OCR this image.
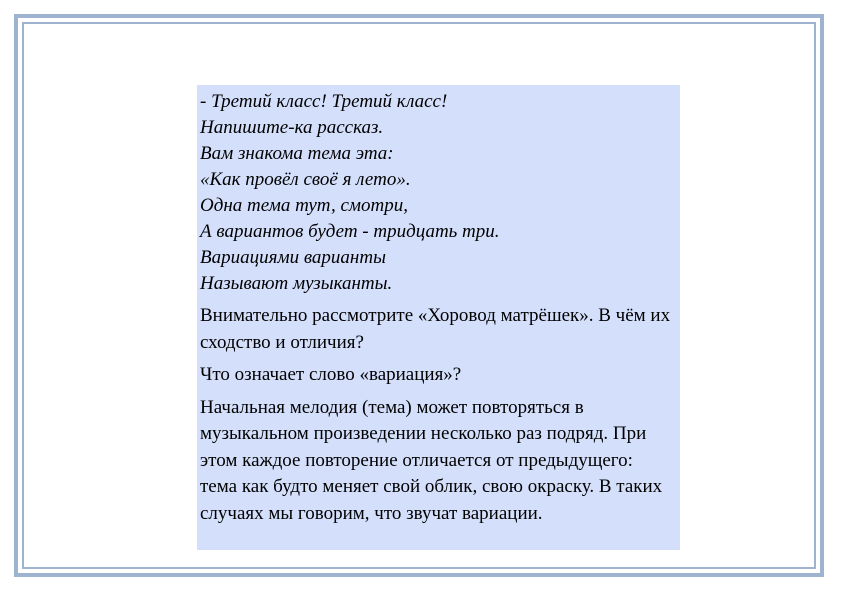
- Третий класс! Третий класс!
Напишите-ка рассказ.
Вам знакома тема эта:
«Как провёл своё я лето».
Одна тема тут, смотри,
А вариантов будет - тридцать три.
Вариациями варианты
Называют музыканты.
Внимательно рассмотрите «Хоровод матрёшек». В чём их сходство и отличия?
Что означает слово «вариация»?
Начальная мелодия (тема) может повторяться в музыкальном произведении несколько раз подряд. При этом каждое повторение отличается от предыдущего: тема как будто меняет свой облик, свою окраску. В таких случаях мы говорим, что звучат вариации.
